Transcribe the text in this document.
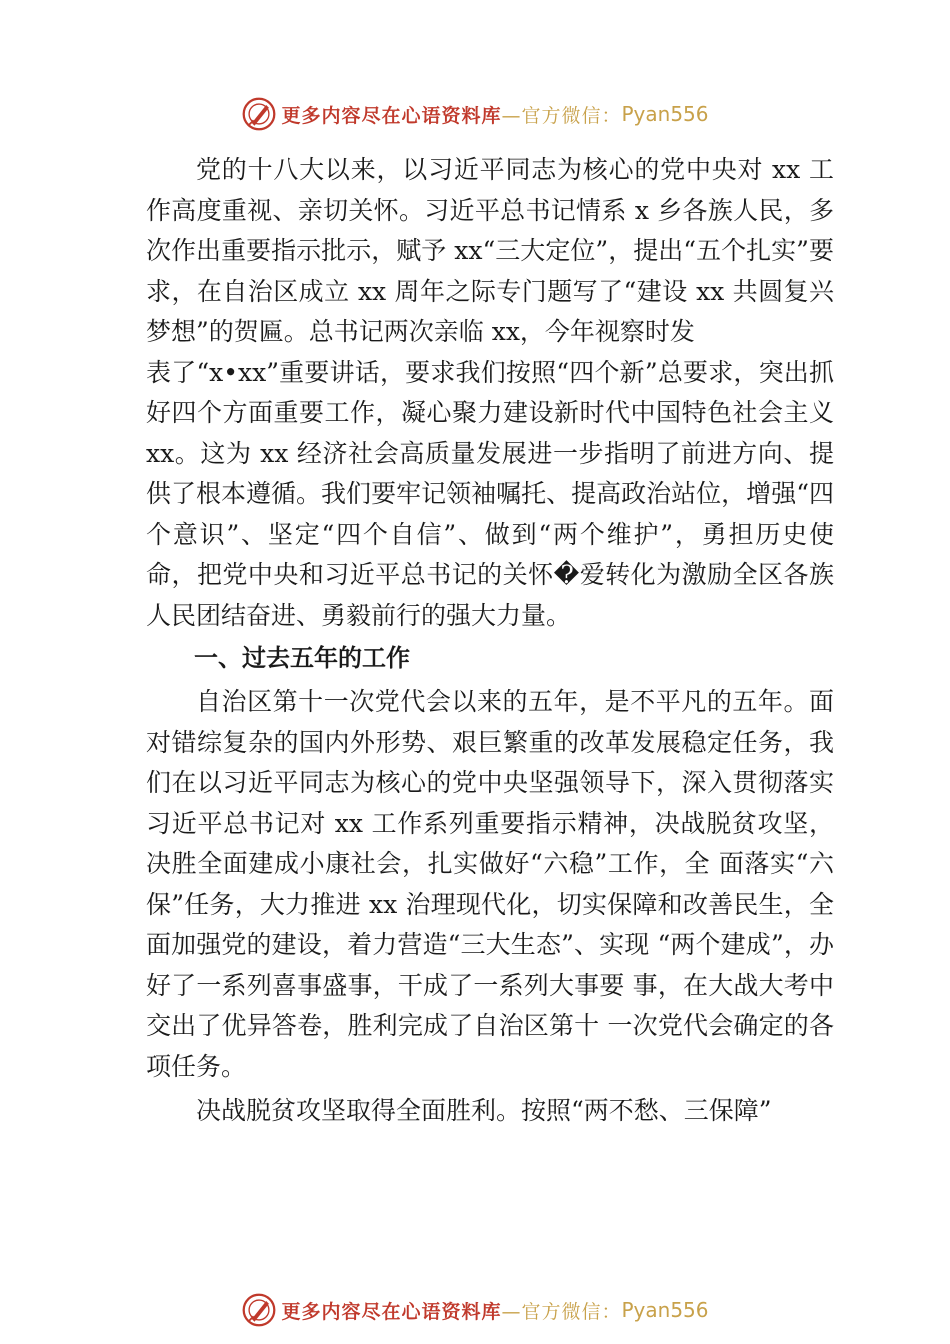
更多内容尽在心语资料库 —官方微信： Pyan556

党的十八大以来，以习近平同志为核心的党中央对 xx 工作高度重视、亲切关怀。习近平总书记情系 x 乡各族人民，多次作出重要指示批示，赋予 xx“三大定位”，提出“五个扎实”要求，在自治区成立 xx 周年之际专门题写了“建设 xx 共圆复兴梦想”的贺匾。总书记两次亲临 xx，今年视察时发

表了“x•xx”重要讲话，要求我们按照“四个新”总要求，突出抓好四个方面重要工作，凝心聚力建设新时代中国特色社会主义 xx。这为 xx 经济社会高质量发展进一步指明了前进方向、提供了根本遵循。我们要牢记领袖嘱托、提高政治站位，增强“四个意识”、坚定“四个自信”、做到“两个维护”，勇担历史使命，把党中央和习近平总书记的关怀�爱转化为激励全区各族人民团结奋进、勇毅前行的强大力量。

一、过去五年的工作

自治区第十一次党代会以来的五年，是不平凡的五年。面对错综复杂的国内外形势、艰巨繁重的改革发展稳定任务，我们在以习近平同志为核心的党中央坚强领导下，深入贯彻落实习近平总书记对 xx 工作系列重要指示精神，决战脱贫攻坚，决胜全面建成小康社会，扎实做好“六稳”工作，全 面落实“六保”任务，大力推进 xx 治理现代化，切实保障和改善民生，全面加强党的建设，着力营造“三大生态”、实现 “两个建成”，办好了一系列喜事盛事，干成了一系列大事要 事，在大战大考中交出了优异答卷，胜利完成了自治区第十 一次党代会确定的各项任务。

决战脱贫攻坚取得全面胜利。按照“两不愁、三保障”

更多内容尽在心语资料库 —官方微信： Pyan556
